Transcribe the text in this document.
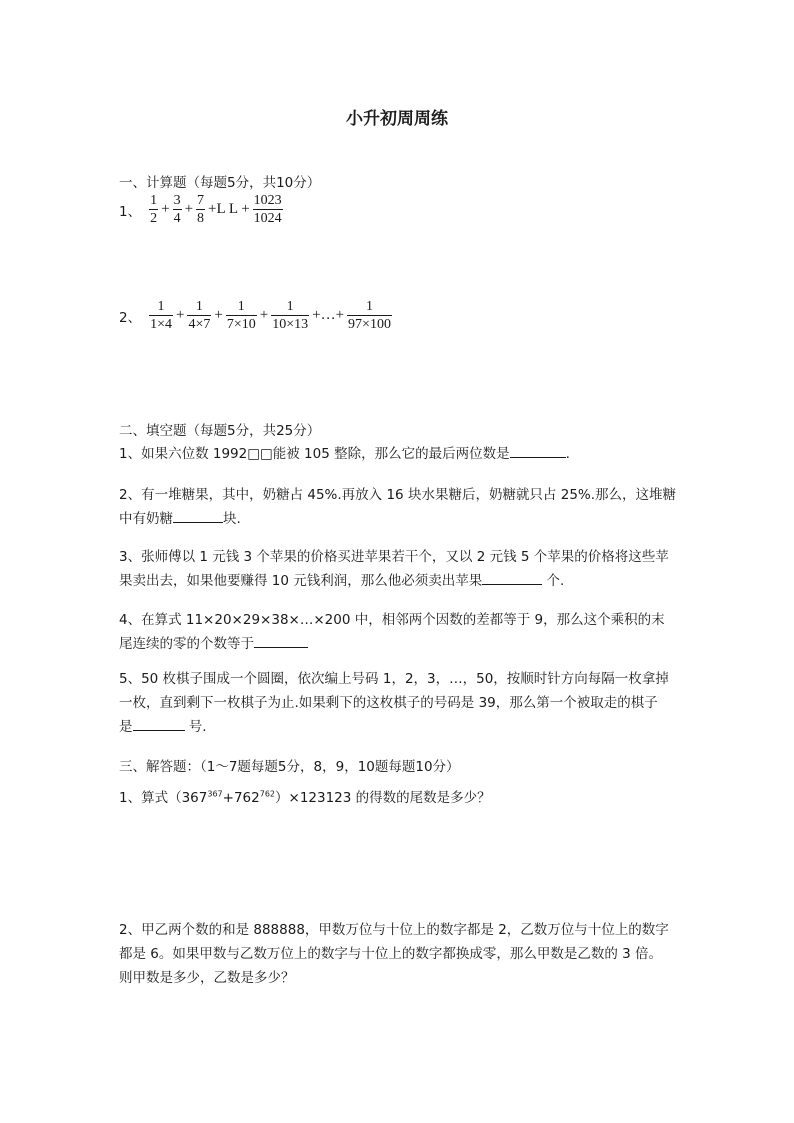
小升初周周练
一、计算题（每题5分，共10分）
1、 $\frac{1}{2} + \frac{3}{4} + \frac{7}{8} +L$ $L + \frac{1023}{1024}$
2、 $\frac{1}{1\times 4} + \frac{1}{4\times 7} + \frac{1}{7\times 10} + \frac{1}{10\times 13}$ +…+ $\frac{1}{97\times 100}$
二、填空题（每题5分，共25分）
1、如果六位数 1992□□能被 105 整除，那么它的最后两位数是	.
2、有一堆糖果，其中，奶糖占 45%.再放入 16 块水果糖后，奶糖就只占 25%.那么，这堆糖
中有奶糖	块.
3、张师傅以 1 元钱 3 个苹果的价格买进苹果若干个，又以 2 元钱 5 个苹果的价格将这些苹
果卖出去，如果他要赚得 10 元钱利润，那么他必须卖出苹果	个.
4、在算式 11×20×29×38×…×200 中，相邻两个因数的差都等于 9，那么这个乘积的末
尾连续的零的个数等于
5、50 枚棋子围成一个圆圈，依次编上号码 1，2，3，…，50，按顺时针方向每隔一枚拿掉
一枚，直到剩下一枚棋子为止.如果剩下的这枚棋子的号码是 39，那么第一个被取走的棋子
是	号.
三、解答题：（1～7题每题5分，8，9，10题每题10分）
1、算式$(367^{367}+762^{762})\times 123123$ 的得数的尾数是多少？
2、甲乙两个数的和是 888888，甲数万位与十位上的数字都是 2，乙数万位与十位上的数字
都是 6。如果甲数与乙数万位上的数字与十位上的数字都换成零，那么甲数是乙数的 3 倍。
则甲数是多少，乙数是多少？
